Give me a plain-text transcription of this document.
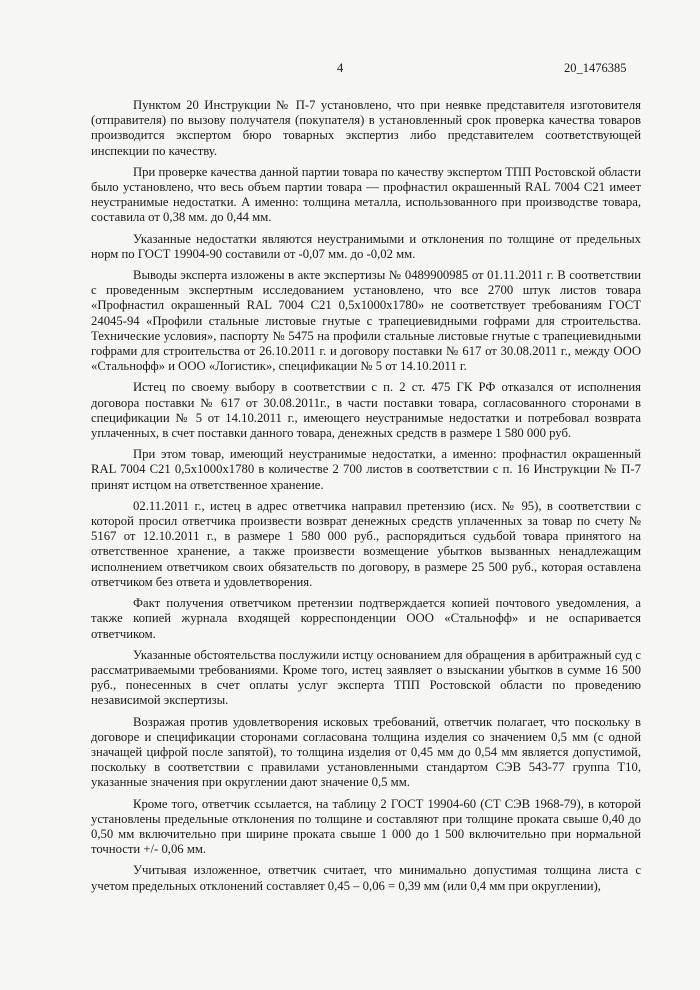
4	20_1476385

Пунктом 20 Инструкции № П-7 установлено, что при неявке представителя изготовителя (отправителя) по вызову получателя (покупателя) в установленный срок проверка качества товаров производится экспертом бюро товарных экспертиз либо представителем соответствующей инспекции по качеству.

При проверке качества данной партии товара по качеству экспертом ТПП Ростовской области было установлено, что весь объем партии товара — профнастил окрашенный RAL 7004 С21 имеет неустранимые недостатки. А именно: толщина металла, использованного при производстве товара, составила от 0,38 мм. до 0,44 мм.

Указанные недостатки являются неустранимыми и отклонения по толщине от предельных норм по ГОСТ 19904-90 составили от -0,07 мм. до -0,02 мм.

Выводы эксперта изложены в акте экспертизы № 0489900985 от 01.11.2011 г. В соответствии с проведенным экспертным исследованием установлено, что все 2700 штук листов товара «Профнастил окрашенный RAL 7004 С21 0,5х1000х1780» не соответствует требованиям ГОСТ 24045-94 «Профили стальные листовые гнутые с трапециевидными гофрами для строительства. Технические условия», паспорту № 5475 на профили стальные листовые гнутые с трапециевидными гофрами для строительства от 26.10.2011 г. и договору поставки № 617 от 30.08.2011 г., между ООО «Стальнофф» и ООО «Логистик», спецификации № 5 от 14.10.2011 г.

Истец по своему выбору в соответствии с п. 2 ст. 475 ГК РФ отказался от исполнения договора поставки № 617 от 30.08.2011г., в части поставки товара, согласованного сторонами в спецификации № 5 от 14.10.2011 г., имеющего неустранимые недостатки и потребовал возврата уплаченных, в счет поставки данного товара, денежных средств в размере 1 580 000 руб.

При этом товар, имеющий неустранимые недостатки, а именно: профнастил окрашенный RAL 7004 С21 0,5х1000х1780 в количестве 2 700 листов в соответствии с п. 16 Инструкции № П-7 принят истцом на ответственное хранение.

02.11.2011 г., истец в адрес ответчика направил претензию (исх. № 95), в соответствии с которой просил ответчика произвести возврат денежных средств уплаченных за товар по счету № 5167 от 12.10.2011 г., в размере 1 580 000 руб., распорядиться судьбой товара принятого на ответственное хранение, а также произвести возмещение убытков вызванных ненадлежащим исполнением ответчиком своих обязательств по договору, в размере 25 500 руб., которая оставлена ответчиком без ответа и удовлетворения.

Факт получения ответчиком претензии подтверждается копией почтового уведомления, а также копией журнала входящей корреспонденции ООО «Стальнофф» и не оспаривается ответчиком.

Указанные обстоятельства послужили истцу основанием для обращения в арбитражный суд с рассматриваемыми требованиями. Кроме того, истец заявляет о взыскании убытков в сумме 16 500 руб., понесенных в счет оплаты услуг эксперта ТПП Ростовской области по проведению независимой экспертизы.

Возражая против удовлетворения исковых требований, ответчик полагает, что поскольку в договоре и спецификации сторонами согласована толщина изделия со значением 0,5 мм (с одной значащей цифрой после запятой), то толщина изделия от 0,45 мм до 0,54 мм является допустимой, поскольку в соответствии с правилами установленными стандартом СЭВ 543-77 группа Т10, указанные значения при округлении дают значение 0,5 мм.

Кроме того, ответчик ссылается, на таблицу 2 ГОСТ 19904-60 (СТ СЭВ 1968-79), в которой установлены предельные отклонения по толщине и составляют при толщине проката свыше 0,40 до 0,50 мм включительно при ширине проката свыше 1 000 до 1 500 включительно при нормальной точности +/- 0,06 мм.

Учитывая изложенное, ответчик считает, что минимально допустимая толщина листа с учетом предельных отклонений составляет 0,45 – 0,06 = 0,39 мм (или 0,4 мм при округлении),
